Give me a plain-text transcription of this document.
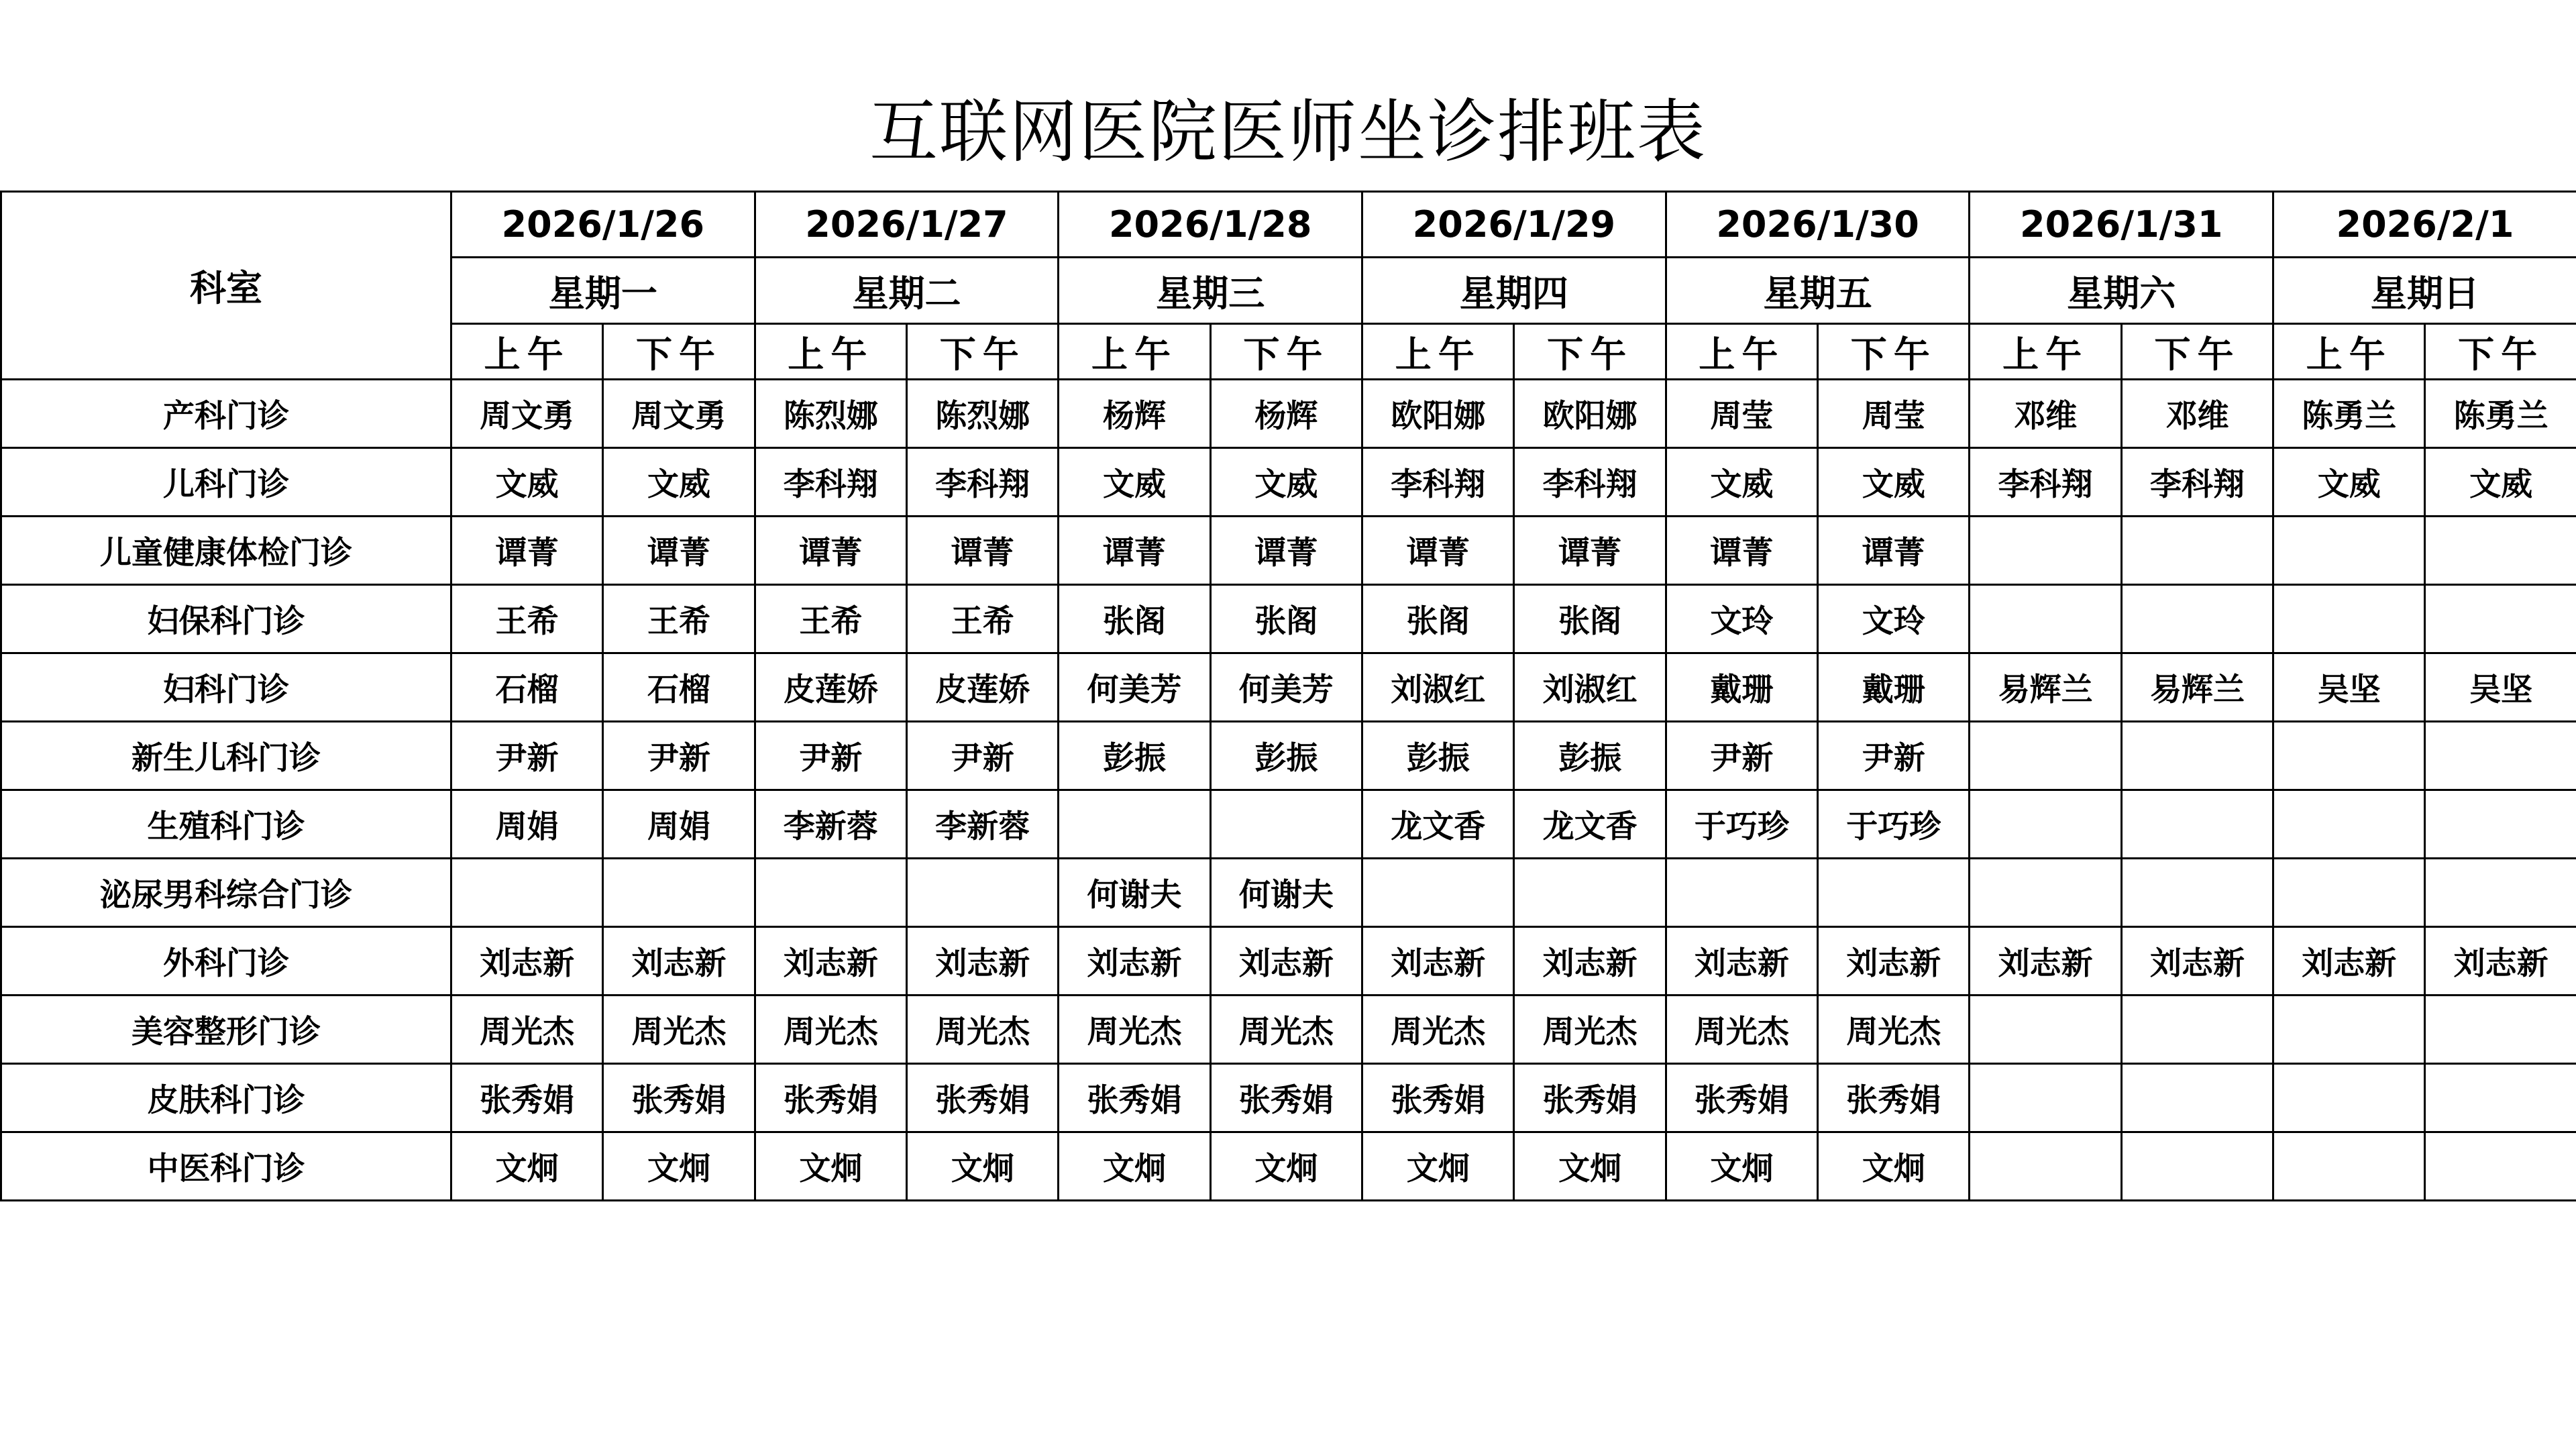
互联网医院医师坐诊排班表
科室	2026/1/26		2026/1/27		2026/1/28		2026/1/29		2026/1/30		2026/1/31		2026/2/1	
	星期一		星期二		星期三		星期四		星期五		星期六		星期日	
	上午	下午	上午	下午	上午	下午	上午	下午	上午	下午	上午	下午	上午	下午
产科门诊	周文勇	周文勇	陈烈娜	陈烈娜	杨辉	杨辉	欧阳娜	欧阳娜	周莹	周莹	邓维	邓维	陈勇兰	陈勇兰
儿科门诊	文威	文威	李科翔	李科翔	文威	文威	李科翔	李科翔	文威	文威	李科翔	李科翔	文威	文威
儿童健康体检门诊	谭菁	谭菁	谭菁	谭菁	谭菁	谭菁	谭菁	谭菁	谭菁	谭菁				
妇保科门诊	王希	王希	王希	王希	张阁	张阁	张阁	张阁	文玲	文玲				
妇科门诊	石榴	石榴	皮莲娇	皮莲娇	何美芳	何美芳	刘淑红	刘淑红	戴珊	戴珊	易辉兰	易辉兰	吴坚	吴坚
新生儿科门诊	尹新	尹新	尹新	尹新	彭振	彭振	彭振	彭振	尹新	尹新				
生殖科门诊	周娟	周娟	李新蓉	李新蓉			龙文香	龙文香	于巧珍	于巧珍				
泌尿男科综合门诊					何谢夫	何谢夫								
外科门诊	刘志新	刘志新	刘志新	刘志新	刘志新	刘志新	刘志新	刘志新	刘志新	刘志新	刘志新	刘志新	刘志新	刘志新
美容整形门诊	周光杰	周光杰	周光杰	周光杰	周光杰	周光杰	周光杰	周光杰	周光杰	周光杰				
皮肤科门诊	张秀娟	张秀娟	张秀娟	张秀娟	张秀娟	张秀娟	张秀娟	张秀娟	张秀娟	张秀娟				
中医科门诊	文炯	文炯	文炯	文炯	文炯	文炯	文炯	文炯	文炯	文炯				
